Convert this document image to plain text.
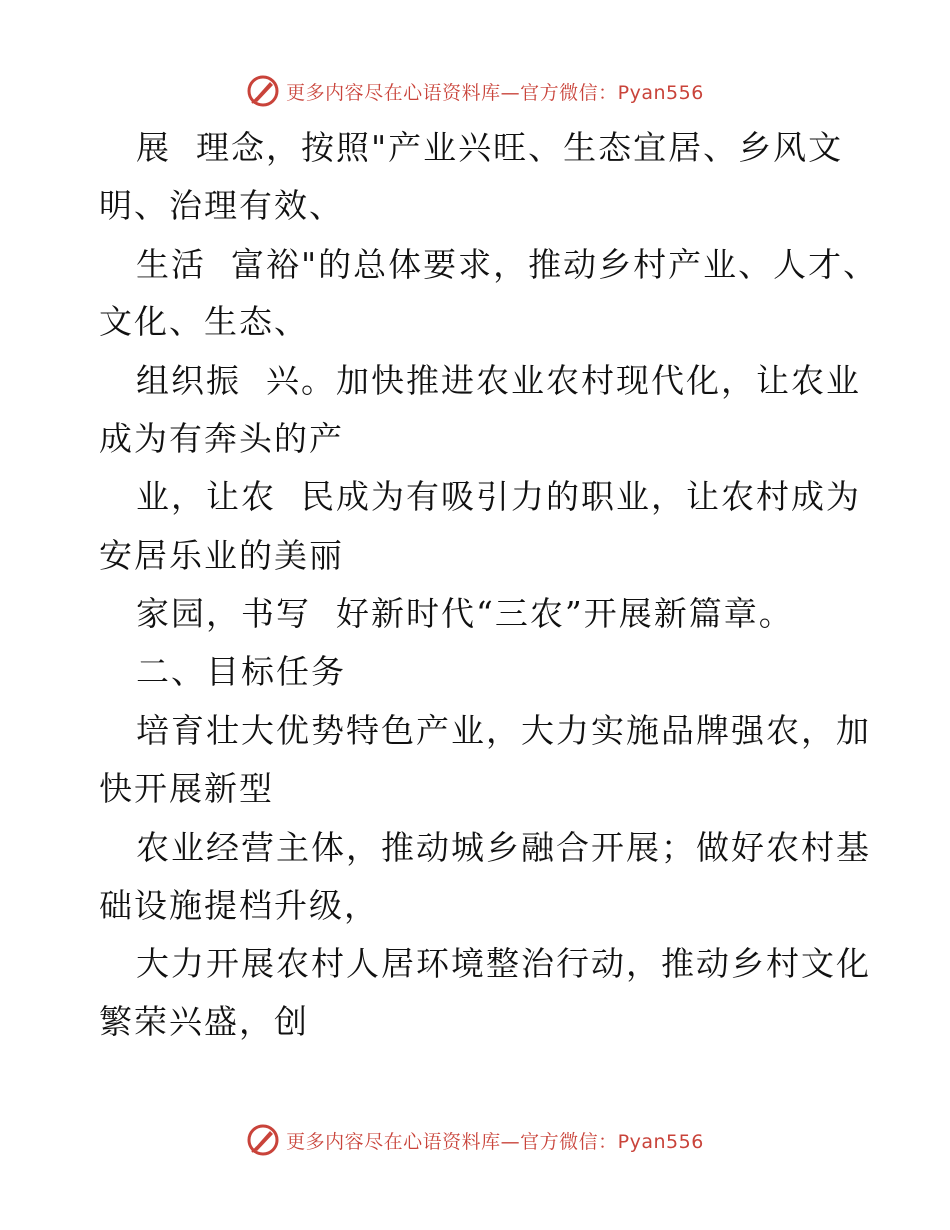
更多内容尽在心语资料库—官方微信：Pyan556
展  理念，按照"产业兴旺、生态宜居、乡风文
明、治理有效、
生活  富裕"的总体要求，推动乡村产业、人才、
文化、生态、
组织振  兴。加快推进农业农村现代化，让农业
成为有奔头的产
业，让农  民成为有吸引力的职业，让农村成为
安居乐业的美丽
家园，书写  好新时代“三农”开展新篇章。
二、目标任务
培育壮大优势特色产业，大力实施品牌强农，加
快开展新型
农业经营主体，推动城乡融合开展；做好农村基
础设施提档升级，
大力开展农村人居环境整治行动，推动乡村文化
繁荣兴盛，创
更多内容尽在心语资料库—官方微信：Pyan556
